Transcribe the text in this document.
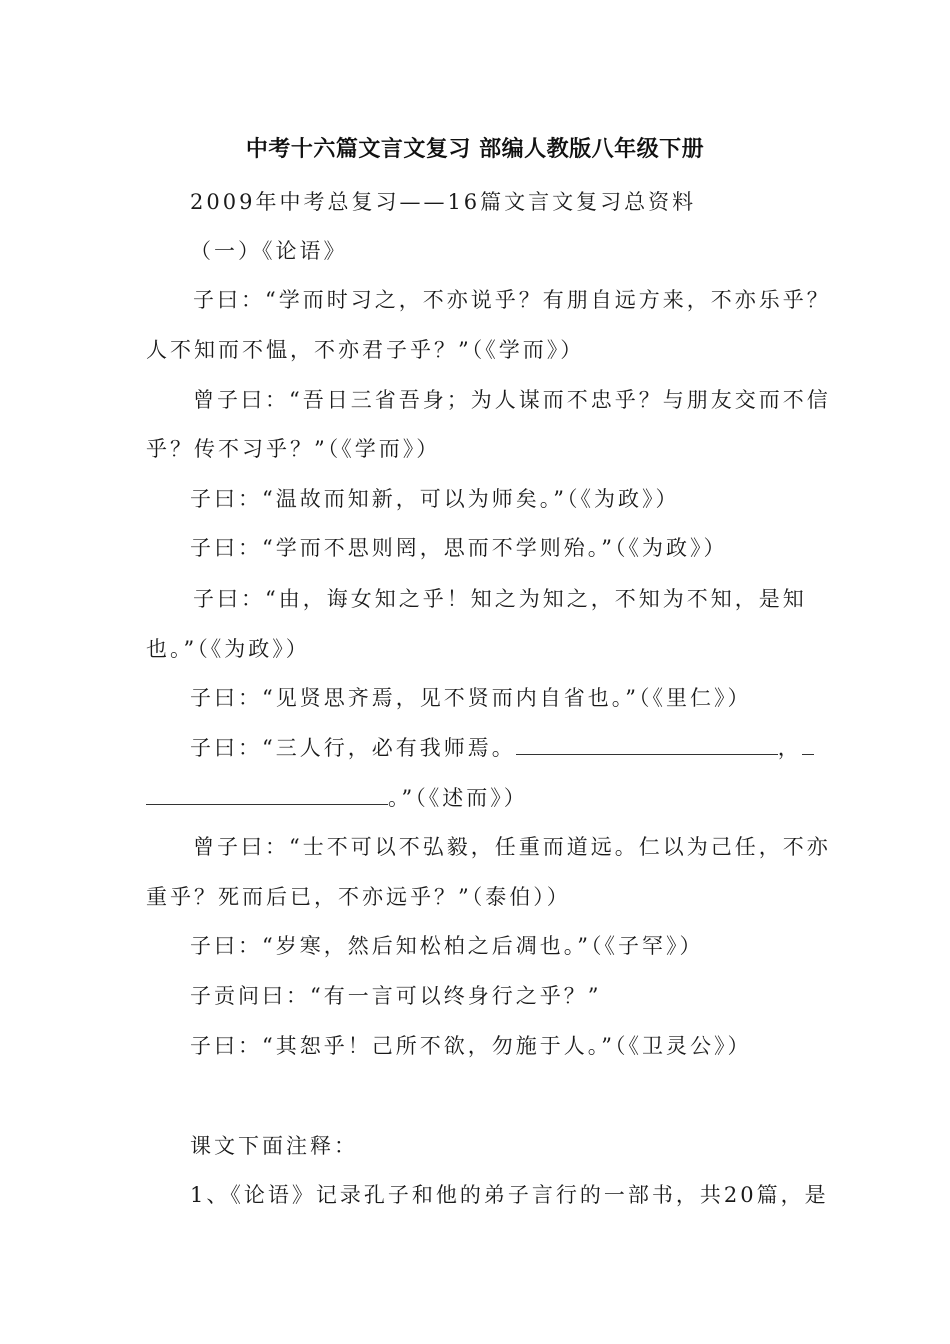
中考十六篇文言文复习 部编人教版八年级下册
2009年中考总复习——16篇文言文复习总资料
（一）《论语》
子曰：“学而时习之，不亦说乎？有朋自远方来，不亦乐乎？
人不知而不愠，不亦君子乎？”（《学而》）
曾子曰：“吾日三省吾身；为人谋而不忠乎？与朋友交而不信
乎？传不习乎？”（《学而》）
子曰：“温故而知新，可以为师矣。”（《为政》）
子曰：“学而不思则罔，思而不学则殆。”（《为政》）
子曰：“由，诲女知之乎！知之为知之，不知为不知，是知
也。”（《为政》）
子曰：“见贤思齐焉，见不贤而内自省也。”（《里仁》）
子曰：“三人行，必有我师焉。	，
。”（《述而》）
曾子曰：“士不可以不弘毅，任重而道远。仁以为己任，不亦
重乎？死而后已，不亦远乎？”（泰伯））
子曰：“岁寒，然后知松柏之后凋也。”（《子罕》）
子贡问曰：“有一言可以终身行之乎？”
子曰：“其恕乎！己所不欲，勿施于人。”（《卫灵公》）
课文下面注释：
1、《论语》记录孔子和他的弟子言行的一部书，共20篇，是
